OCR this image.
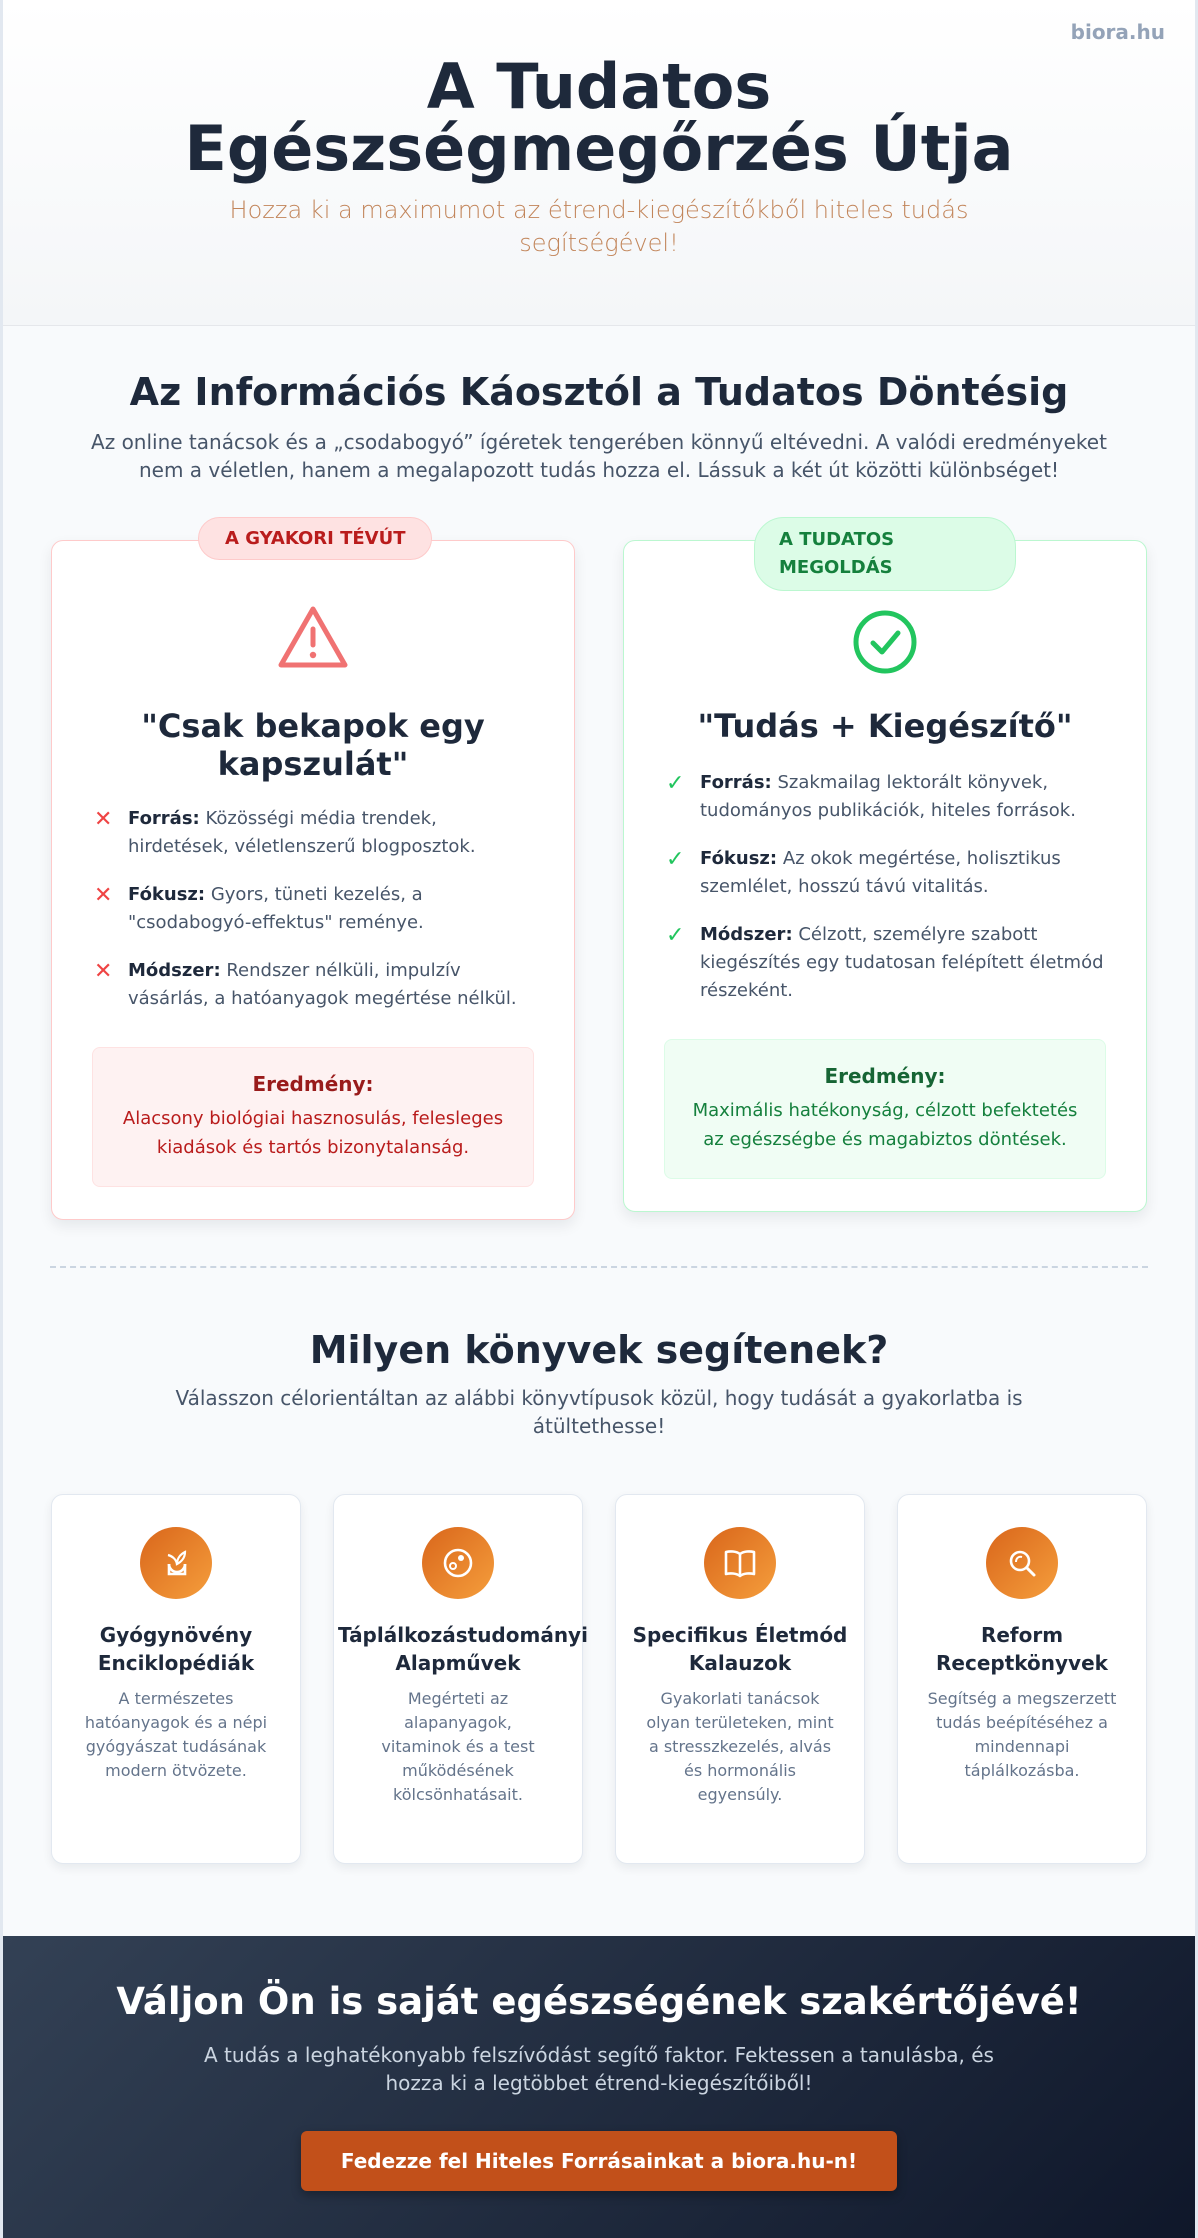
biora.hu
A Tudatos Egészségmegőrzés Útja

Hozza ki a maximumot az étrend-kiegészítőkből hiteles tudás segítségével!

Az Információs Káosztól a Tudatos Döntésig

Az online tanácsok és a „csodabogyó” ígéretek tengerében könnyű eltévedni. A valódi eredményeket nem a véletlen, hanem a megalapozott tudás hozza el. Lássuk a két út közötti különbséget!

A GYAKORI TÉVÚT
"Csak bekapok egy kapszulát"
✕ Forrás: Közösségi média trendek, hirdetések, véletlenszerű blogposztok.
✕ Fókusz: Gyors, tüneti kezelés, a "csodabogyó-effektus" reménye.
✕ Módszer: Rendszer nélküli, impulzív vásárlás, a hatóanyagok megértése nélkül.
Eredmény:
Alacsony biológiai hasznosulás, felesleges kiadások és tartós bizonytalanság.
A TUDATOS MEGOLDÁS
"Tudás + Kiegészítő"
✓ Forrás: Szakmailag lektorált könyvek, tudományos publikációk, hiteles források.
✓ Fókusz: Az okok megértése, holisztikus szemlélet, hosszú távú vitalitás.
✓ Módszer: Célzott, személyre szabott kiegészítés egy tudatosan felépített életmód részeként.
Eredmény:
Maximális hatékonyság, célzott befektetés az egészségbe és magabiztos döntések.
Milyen könyvek segítenek?

Válasszon célorientáltan az alábbi könyvtípusok közül, hogy tudását a gyakorlatba is átültethesse!

Gyógynövény Enciklopédiák
A természetes hatóanyagok és a népi gyógyászat tudásának modern ötvözete.
Táplálkozástudományi Alapművek
Megérteti az alapanyagok, vitaminok és a test működésének kölcsönhatásait.
Specifikus Életmód Kalauzok
Gyakorlati tanácsok olyan területeken, mint a stresszkezelés, alvás és hormonális egyensúly.
Reform Receptkönyvek
Segítség a megszerzett tudás beépítéséhez a mindennapi táplálkozásba.
Váljon Ön is saját egészségének szakértőjévé!

A tudás a leghatékonyabb felszívódást segítő faktor. Fektessen a tanulásba, és hozza ki a legtöbbet étrend-kiegészítőiből!

Fedezze fel Hiteles Forrásainkat a biora.hu-n!
